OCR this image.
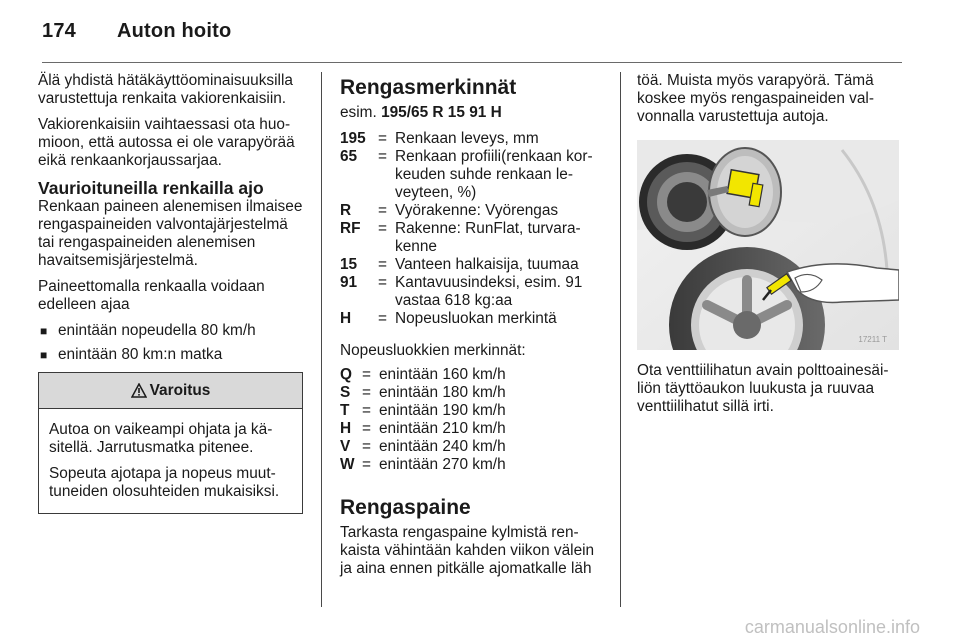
174 Auton hoito

Älä yhdistä hätäkäyttöominaisuuksilla varustettuja renkaita vakiorenkaisiin.

Vakiorenkaisiin vaihtaessasi ota huomioon, että autossa ei ole varapyörää eikä renkaankorjaussarjaa.

Vaurioituneilla renkailla ajo

Renkaan paineen alenemisen ilmaisee rengaspaineiden valvontajärjestelmä tai rengaspaineiden alenemisen havaitsemisjärjestelmä.

Paineettomalla renkaalla voidaan edelleen ajaa

■ enintään nopeudella 80 km/h
■ enintään 80 km:n matka
Varoitus

Autoa on vaikeampi ohjata ja käsitellä. Jarrutusmatka pitenee.

Sopeuta ajotapa ja nopeus muuttuneiden olosuhteiden mukaisiksi.

Rengasmerkinnät

esim. 195/65 R 15 91 H

195 = Renkaan leveys, mm
65	= Renkaan profiili(renkaan korkeuden suhde renkaan leveyteen, %)
R	= Vyörakenne: Vyörengas
RF	= Rakenne: RunFlat, turvarakenne
15	= Vanteen halkaisija, tuumaa
91	= Kantavuusindeksi, esim. 91 vastaa 618 kg:aa
H	= Nopeusluokan merkintä

Nopeusluokkien merkinnät:

Q = enintään 160 km/h
S = enintään 180 km/h
T = enintään 190 km/h
H = enintään 210 km/h
V = enintään 240 km/h
W = enintään 270 km/h
Rengaspaine

Tarkasta rengaspaine kylmistä renkaista vähintään kahden viikon välein ja aina ennen pitkälle ajomatkalle läh

töä. Muista myös varapyörä. Tämä koskee myös rengaspaineiden valvonnalla varustettuja autoja.

17211 T

Ota venttiilihatun avain polttoainesäiliön täyttöaukon luukusta ja ruuvaa venttiilihatut sillä irti.

carmanualsonline.info
